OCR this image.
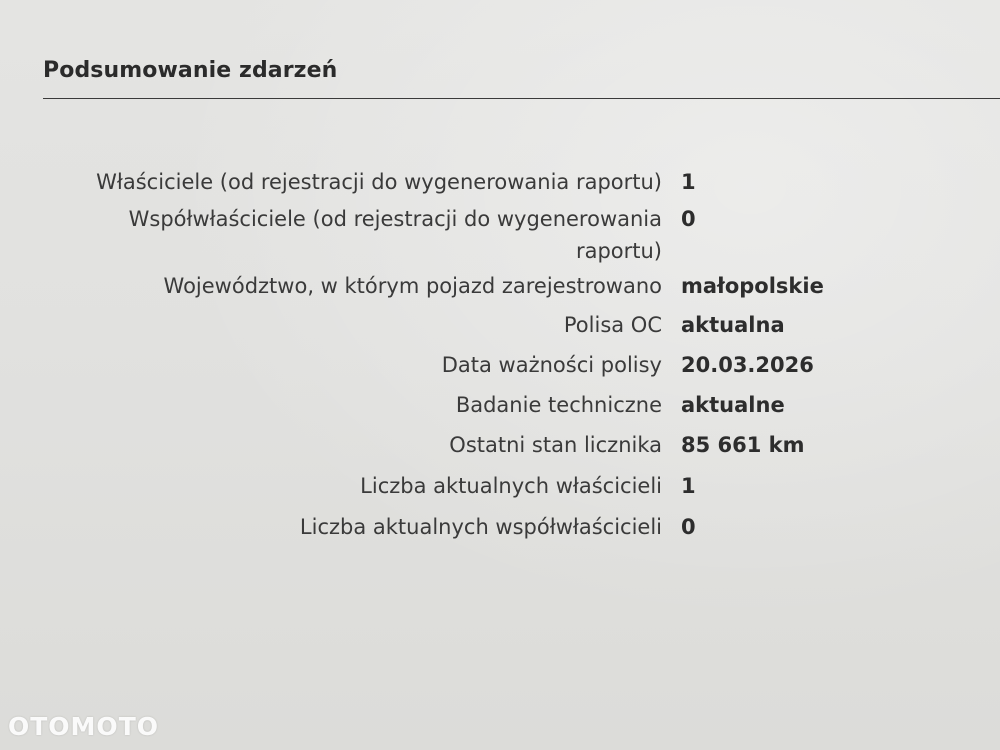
Podsumowanie zdarzeń
Właściciele (od rejestracji do wygenerowania raportu) 1
Współwłaściciele (od rejestracji do wygenerowania raportu)
0
Województwo, w którym pojazd zarejestrowano małopolskie
Polisa OC aktualna
Data ważności polisy 20.03.2026
Badanie techniczne aktualne
Ostatni stan licznika 85 661 km
Liczba aktualnych właścicieli 1
Liczba aktualnych współwłaścicieli 0
OTOMOTO
